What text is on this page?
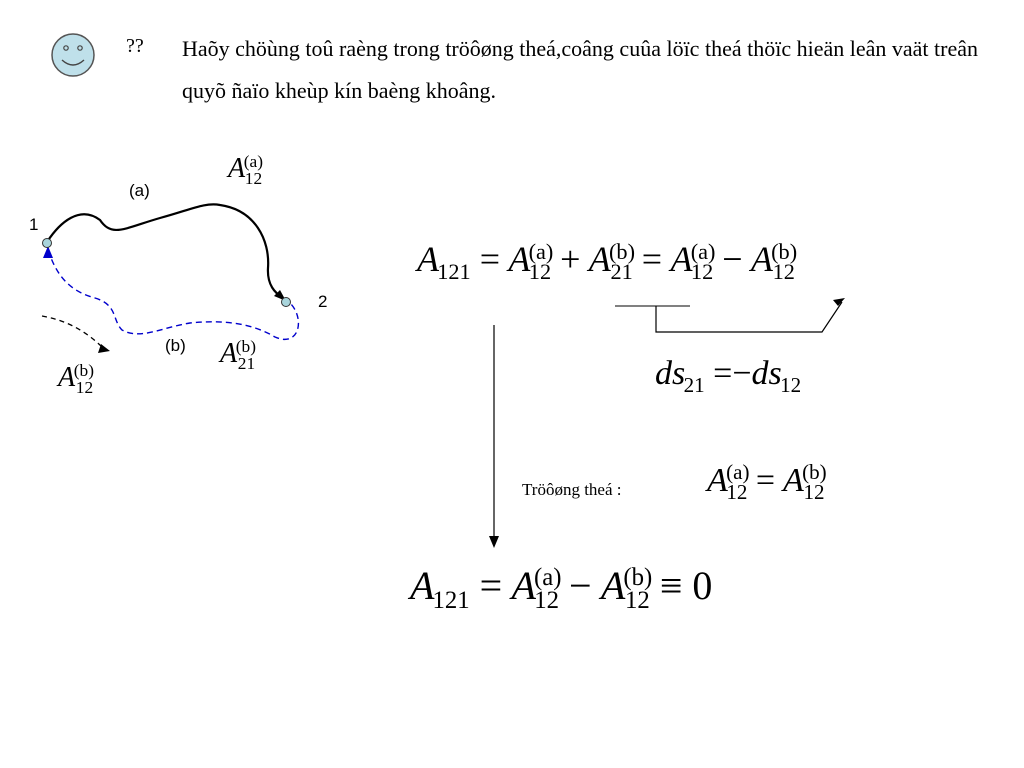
?? Haõy chöùng toû raèng trong tröôøng theá,coâng cuûa löïc theá thöïc hieän leân vaät treân quyõ ñaïo kheùp kín baèng khoâng.
(a)
(b)
1
2
$A^{(a)}_{12}$
$A^{(b)}_{21}$
$A^{(b)}_{12}$
$A_{121} = A^{(a)}_{12} + A^{(b)}_{21} = A^{(a)}_{12} - A^{(b)}_{12}$
$ds_{21} =-ds_{12}$
Tröôøng theá :	$A^{(a)}_{12} = A^{(b)}_{12}$
$A_{121} = A^{(a)}_{12} - A^{(b)}_{12} \equiv 0$
